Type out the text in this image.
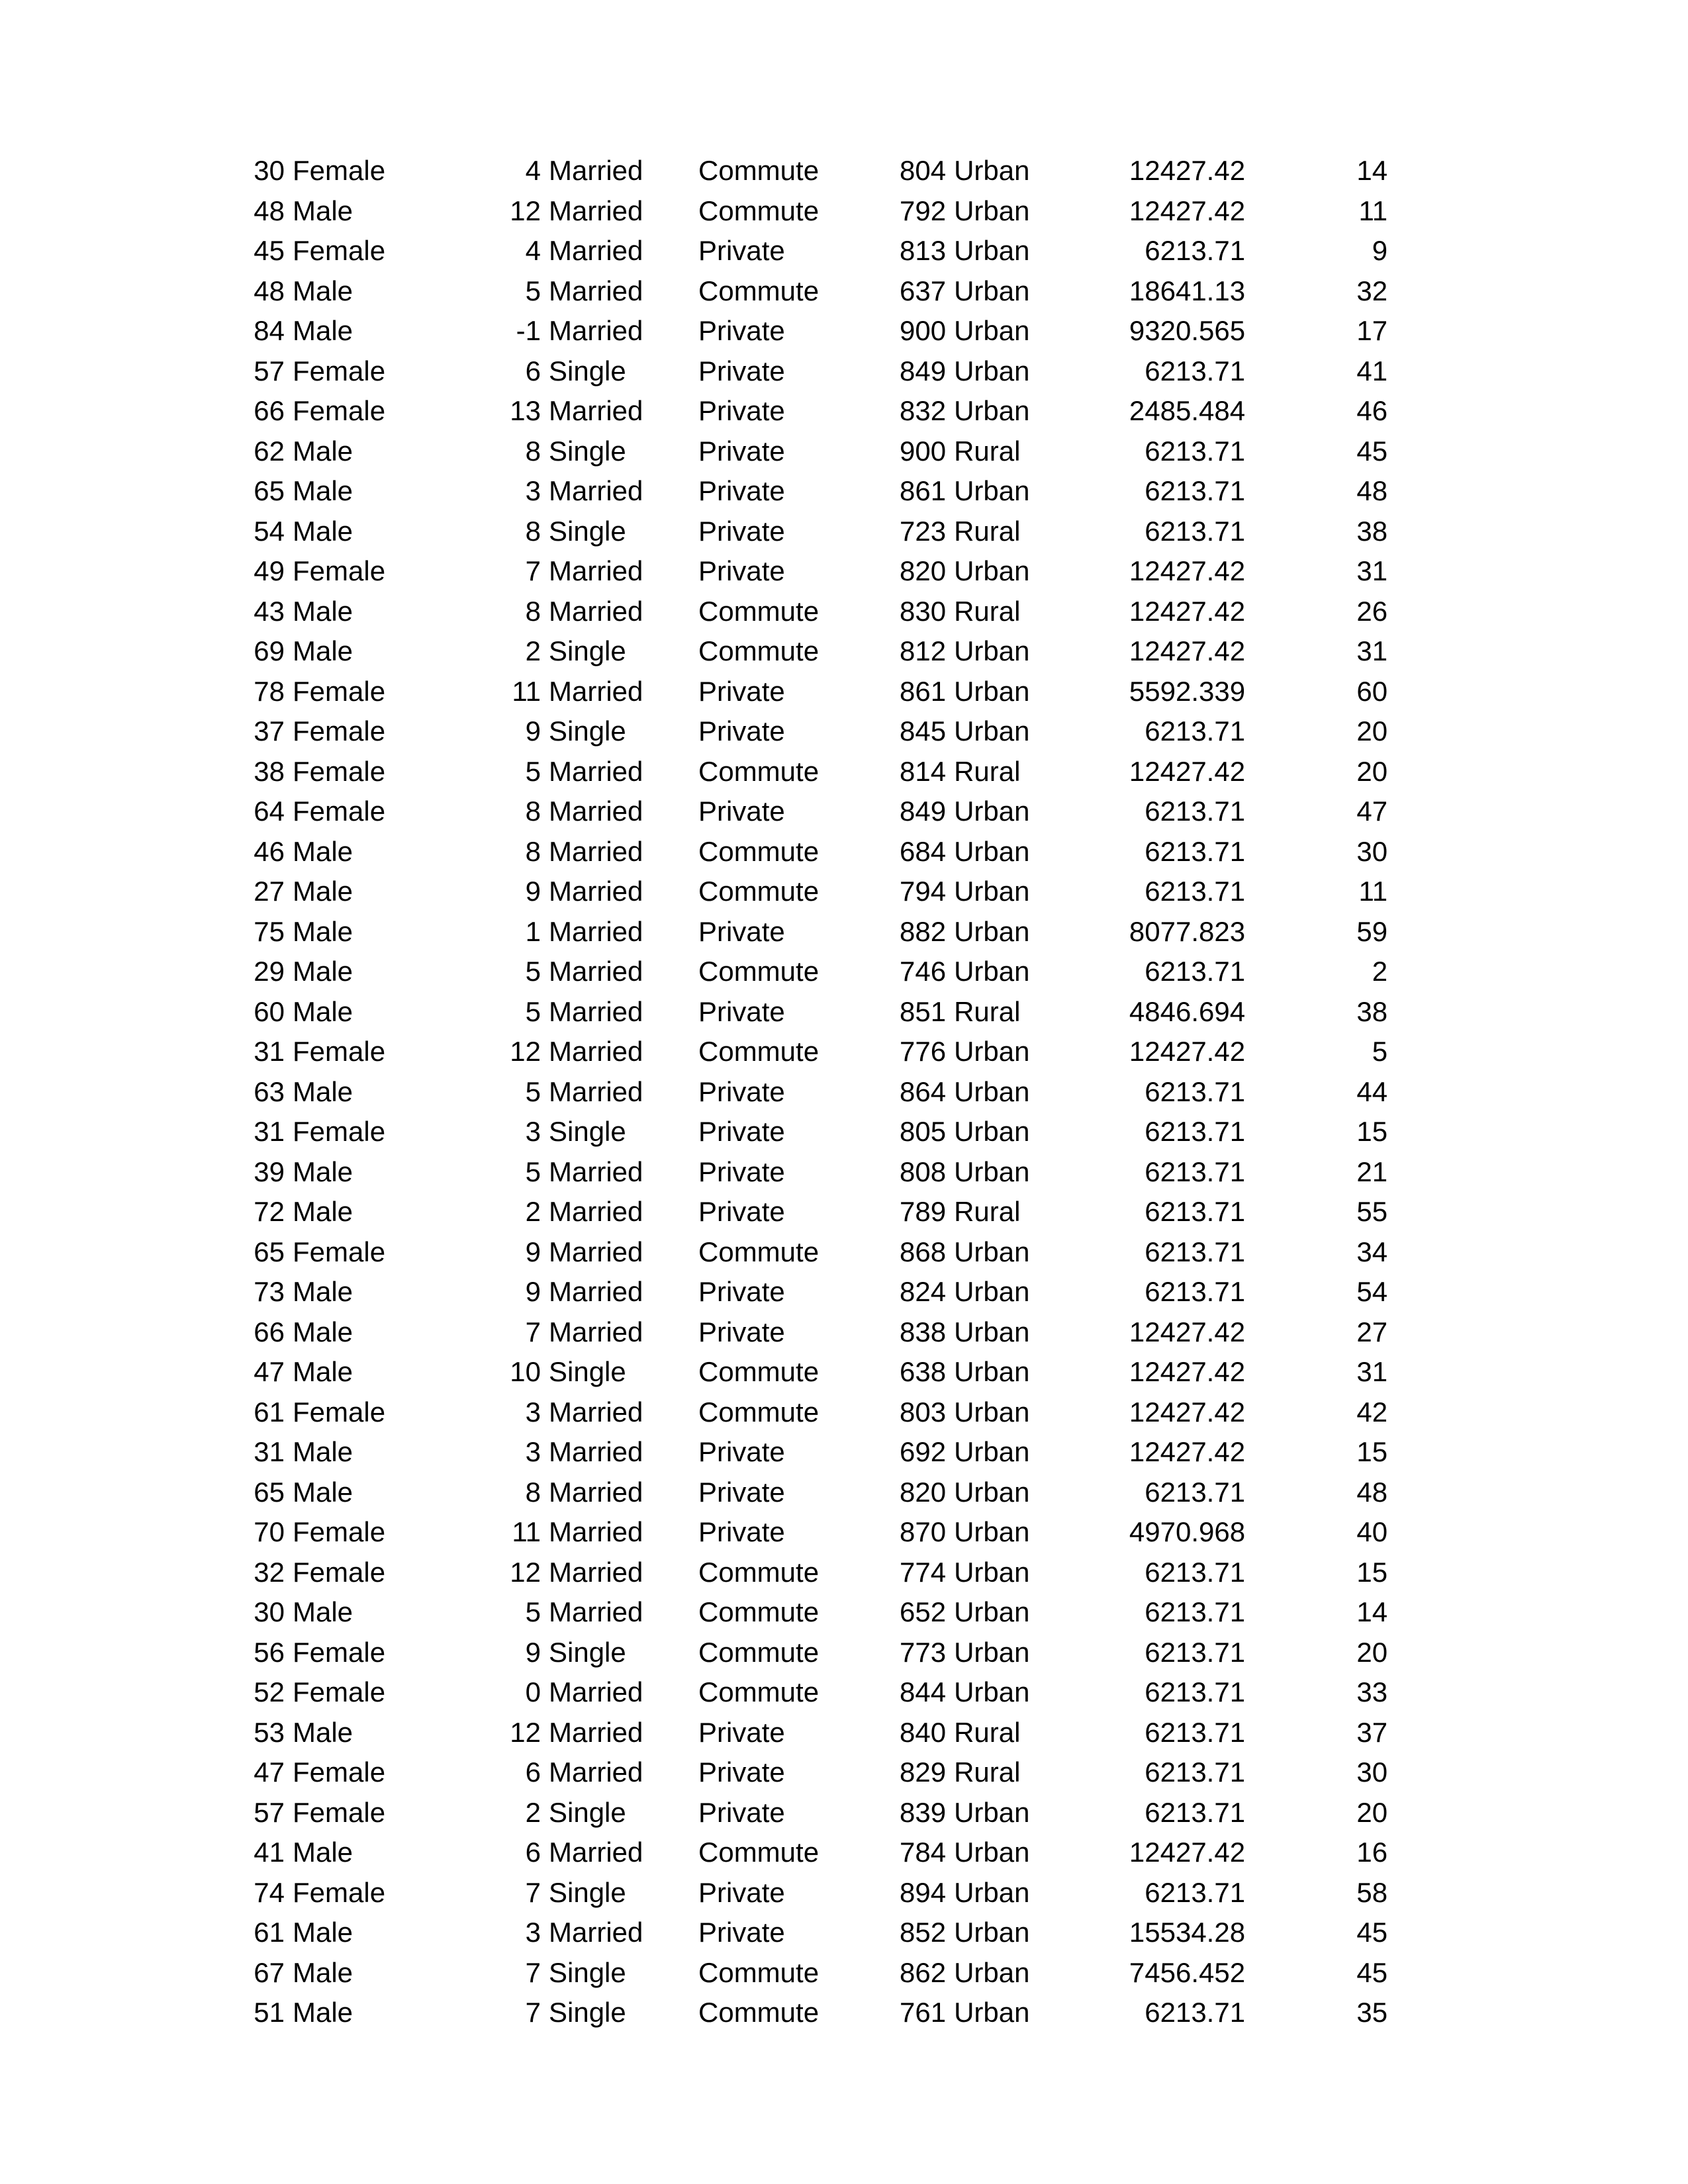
30	Female	4	Married	Commute	804	Urban	12427.42	14
48	Male	12	Married	Commute	792	Urban	12427.42	11
45	Female	4	Married	Private	813	Urban	6213.71	9
48	Male	5	Married	Commute	637	Urban	18641.13	32
84	Male	-1	Married	Private	900	Urban	9320.565	17
57	Female	6	Single	Private	849	Urban	6213.71	41
66	Female	13	Married	Private	832	Urban	2485.484	46
62	Male	8	Single	Private	900	Rural	6213.71	45
65	Male	3	Married	Private	861	Urban	6213.71	48
54	Male	8	Single	Private	723	Rural	6213.71	38
49	Female	7	Married	Private	820	Urban	12427.42	31
43	Male	8	Married	Commute	830	Rural	12427.42	26
69	Male	2	Single	Commute	812	Urban	12427.42	31
78	Female	11	Married	Private	861	Urban	5592.339	60
37	Female	9	Single	Private	845	Urban	6213.71	20
38	Female	5	Married	Commute	814	Rural	12427.42	20
64	Female	8	Married	Private	849	Urban	6213.71	47
46	Male	8	Married	Commute	684	Urban	6213.71	30
27	Male	9	Married	Commute	794	Urban	6213.71	11
75	Male	1	Married	Private	882	Urban	8077.823	59
29	Male	5	Married	Commute	746	Urban	6213.71	2
60	Male	5	Married	Private	851	Rural	4846.694	38
31	Female	12	Married	Commute	776	Urban	12427.42	5
63	Male	5	Married	Private	864	Urban	6213.71	44
31	Female	3	Single	Private	805	Urban	6213.71	15
39	Male	5	Married	Private	808	Urban	6213.71	21
72	Male	2	Married	Private	789	Rural	6213.71	55
65	Female	9	Married	Commute	868	Urban	6213.71	34
73	Male	9	Married	Private	824	Urban	6213.71	54
66	Male	7	Married	Private	838	Urban	12427.42	27
47	Male	10	Single	Commute	638	Urban	12427.42	31
61	Female	3	Married	Commute	803	Urban	12427.42	42
31	Male	3	Married	Private	692	Urban	12427.42	15
65	Male	8	Married	Private	820	Urban	6213.71	48
70	Female	11	Married	Private	870	Urban	4970.968	40
32	Female	12	Married	Commute	774	Urban	6213.71	15
30	Male	5	Married	Commute	652	Urban	6213.71	14
56	Female	9	Single	Commute	773	Urban	6213.71	20
52	Female	0	Married	Commute	844	Urban	6213.71	33
53	Male	12	Married	Private	840	Rural	6213.71	37
47	Female	6	Married	Private	829	Rural	6213.71	30
57	Female	2	Single	Private	839	Urban	6213.71	20
41	Male	6	Married	Commute	784	Urban	12427.42	16
74	Female	7	Single	Private	894	Urban	6213.71	58
61	Male	3	Married	Private	852	Urban	15534.28	45
67	Male	7	Single	Commute	862	Urban	7456.452	45
51	Male	7	Single	Commute	761	Urban	6213.71	35
